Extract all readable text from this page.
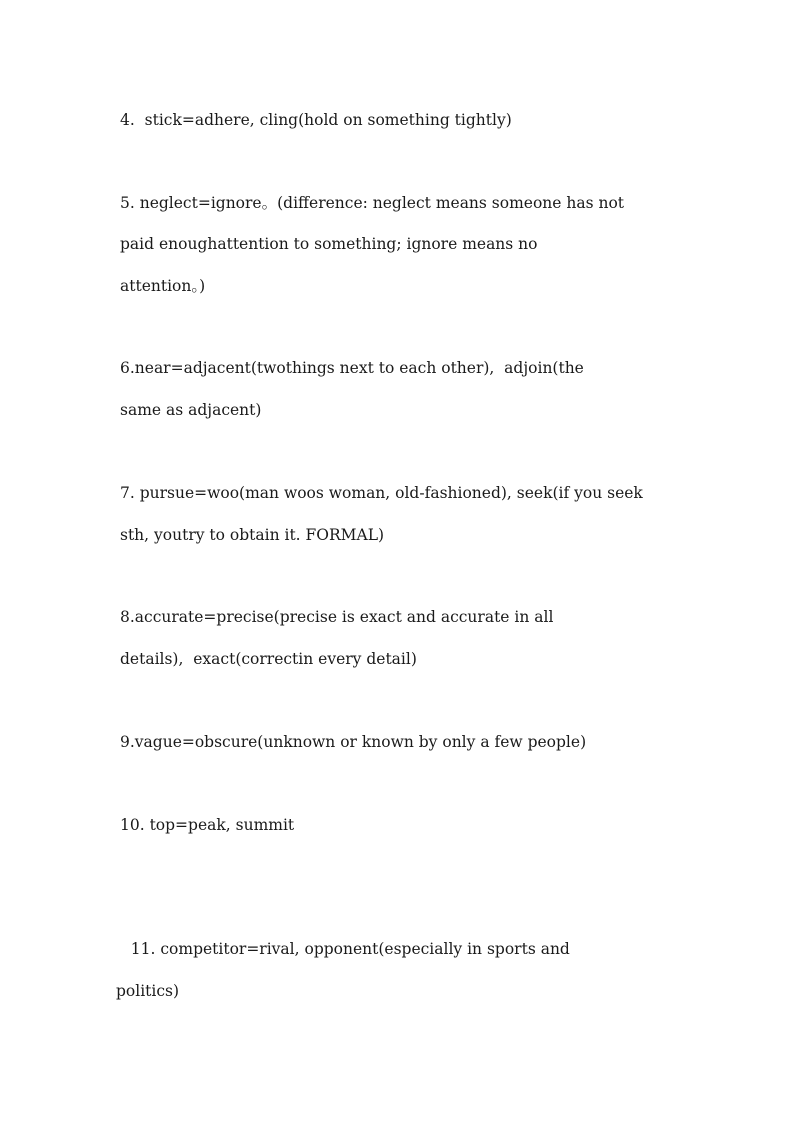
4.  stick=adhere, cling(hold on something tightly)
5. neglect=ignore。(difference: neglect means someone has not
paid enoughattention to something; ignore means no
attention。)
6.near=adjacent(twothings next to each other),  adjoin(the
same as adjacent)
7. pursue=woo(man woos woman, old-fashioned), seek(if you seek
sth, youtry to obtain it. FORMAL)
8.accurate=precise(precise is exact and accurate in all
details),  exact(correctin every detail)
9.vague=obscure(unknown or known by only a few people)
10. top=peak, summit
11. competitor=rival, opponent(especially in sports and
politics)
